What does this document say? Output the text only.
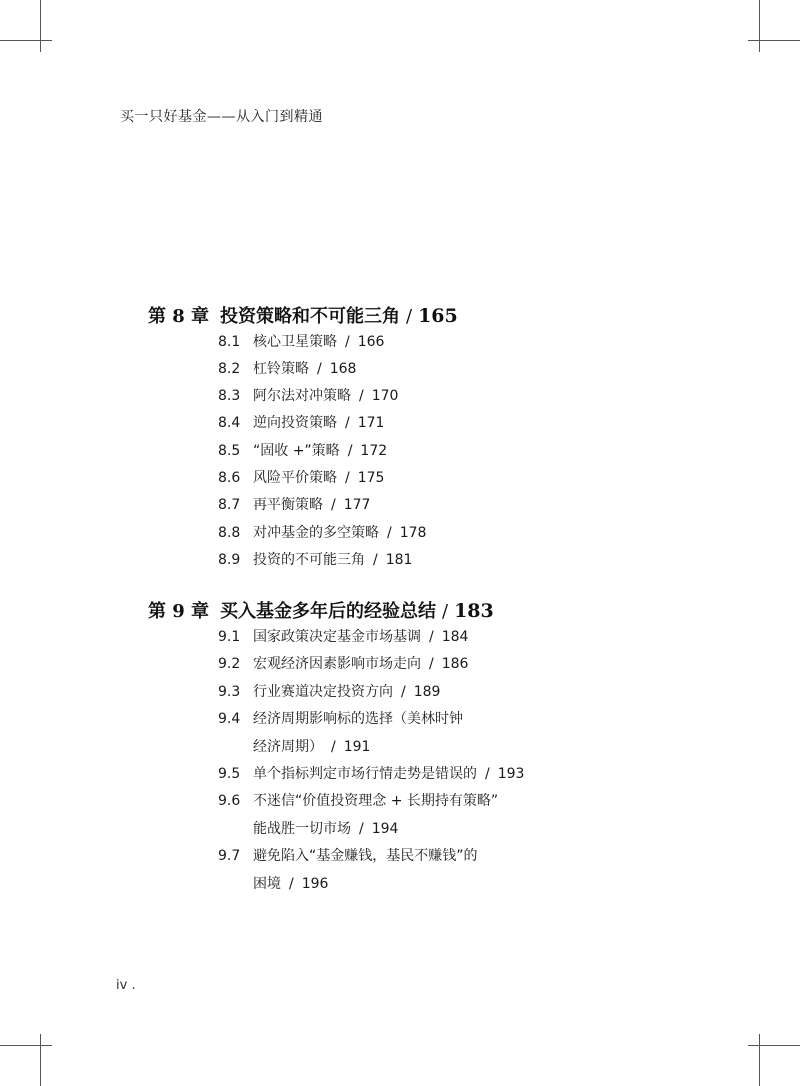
买一只好基金——从入门到精通
第 8 章 投资策略和不可能三角 / 165
8.1 核心卫星策略 / 166
8.2 杠铃策略 / 168
8.3 阿尔法对冲策略 / 170
8.4 逆向投资策略 / 171
8.5 “固收 +”策略 / 172
8.6 风险平价策略 / 175
8.7 再平衡策略 / 177
8.8 对冲基金的多空策略 / 178
8.9 投资的不可能三角 / 181
第 9 章 买入基金多年后的经验总结 / 183
9.1 国家政策决定基金市场基调 / 184
9.2 宏观经济因素影响市场走向 / 186
9.3 行业赛道决定投资方向 / 189
9.4 经济周期影响标的选择（美林时钟
经济周期） / 191
9.5 单个指标判定市场行情走势是错误的 / 193
9.6 不迷信“价值投资理念 + 长期持有策略”
能战胜一切市场 / 194
9.7 避免陷入“基金赚钱，基民不赚钱”的
困境 / 196
iv .
